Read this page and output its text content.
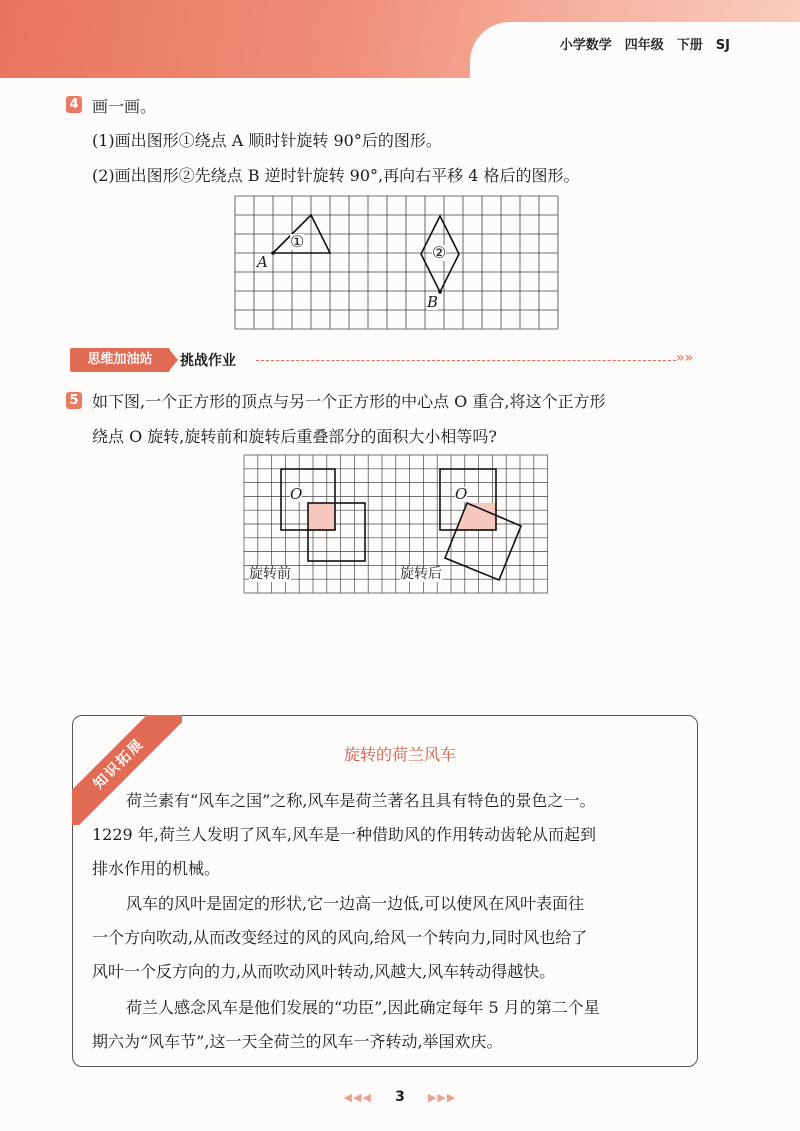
小学数学　四年级　下册　SJ
4 画一画。
(1)画出图形①绕点 A 顺时针旋转 90°后的图形。
(2)画出图形②先绕点 B 逆时针旋转 90°,再向右平移 4 格后的图形。
①
②
A
B
思维加油站	挑战作业	»»
5 如下图,一个正方形的顶点与另一个正方形的中心点 O 重合,将这个正方形
绕点 O 旋转,旋转前和旋转后重叠部分的面积大小相等吗?
O	O
旋转前	旋转后
知识拓展	旋转的荷兰风车
荷兰素有“风车之国”之称,风车是荷兰著名且具有特色的景色之一。
1229 年,荷兰人发明了风车,风车是一种借助风的作用转动齿轮从而起到
排水作用的机械。
风车的风叶是固定的形状,它一边高一边低,可以使风在风叶表面往
一个方向吹动,从而改变经过的风的风向,给风一个转向力,同时风也给了
风叶一个反方向的力,从而吹动风叶转动,风越大,风车转动得越快。
荷兰人感念风车是他们发展的“功臣”,因此确定每年 5 月的第二个星
期六为“风车节”,这一天全荷兰的风车一齐转动,举国欢庆。
◀◀◀ 3 ▶▶▶
